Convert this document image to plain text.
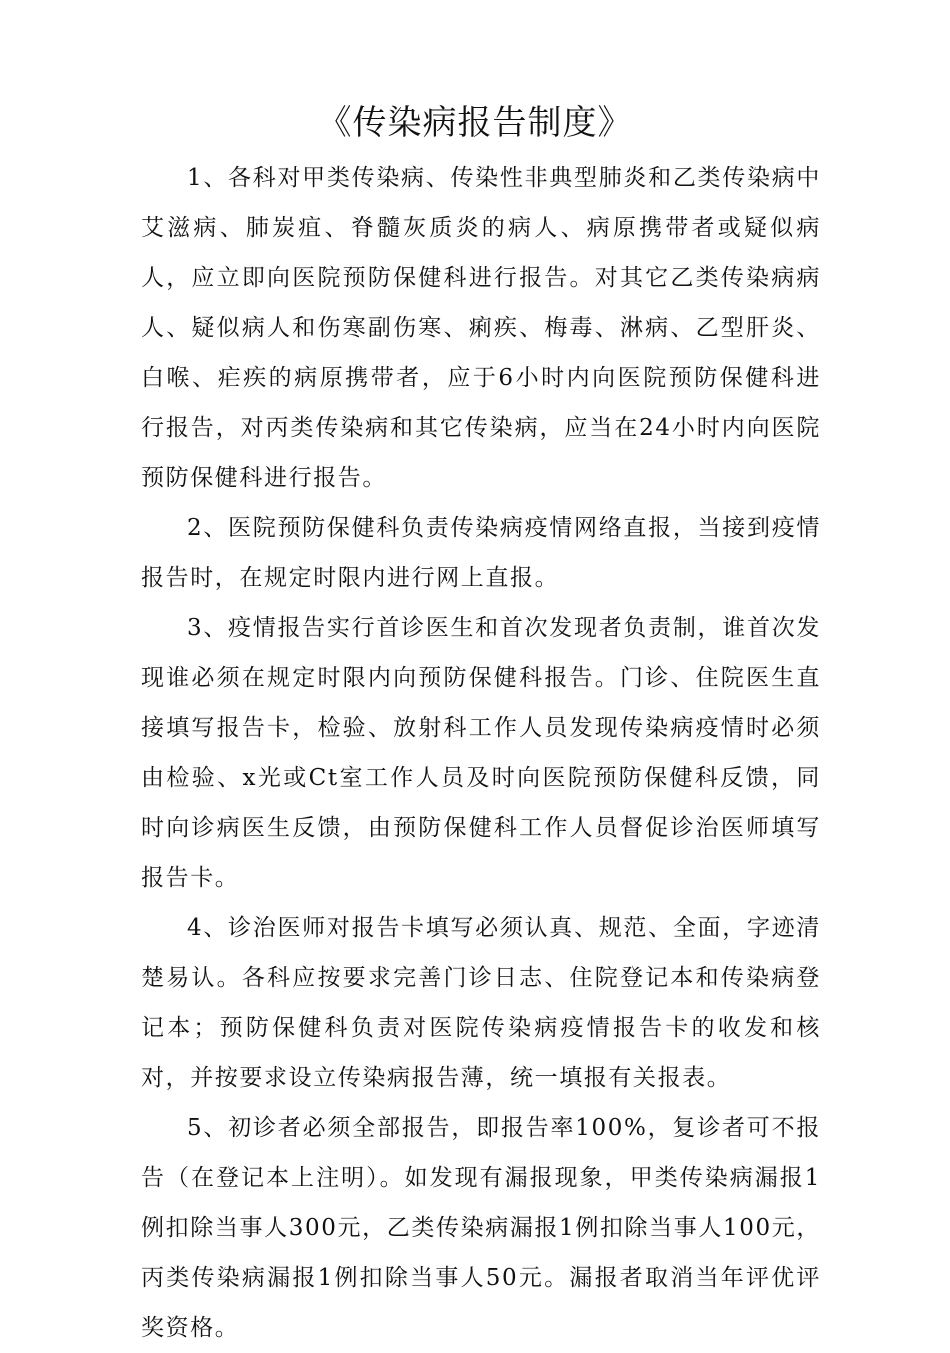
《传染病报告制度》

1、各科对甲类传染病、传染性非典型肺炎和乙类传染病中艾滋病、肺炭疽、脊髓灰质炎的病人、病原携带者或疑似病人，应立即向医院预防保健科进行报告。对其它乙类传染病病人、疑似病人和伤寒副伤寒、痢疾、梅毒、淋病、乙型肝炎、白喉、疟疾的病原携带者，应于6小时内向医院预防保健科进行报告，对丙类传染病和其它传染病，应当在24小时内向医院预防保健科进行报告。

2、医院预防保健科负责传染病疫情网络直报，当接到疫情报告时，在规定时限内进行网上直报。

3、疫情报告实行首诊医生和首次发现者负责制，谁首次发现谁必须在规定时限内向预防保健科报告。门诊、住院医生直接填写报告卡，检验、放射科工作人员发现传染病疫情时必须由检验、x光或Ct室工作人员及时向医院预防保健科反馈，同时向诊病医生反馈，由预防保健科工作人员督促诊治医师填写报告卡。

4、诊治医师对报告卡填写必须认真、规范、全面，字迹清楚易认。各科应按要求完善门诊日志、住院登记本和传染病登记本；预防保健科负责对医院传染病疫情报告卡的收发和核对，并按要求设立传染病报告薄，统一填报有关报表。

5、初诊者必须全部报告，即报告率100%，复诊者可不报告（在登记本上注明）。如发现有漏报现象，甲类传染病漏报1例扣除当事人300元，乙类传染病漏报1例扣除当事人100元，丙类传染病漏报1例扣除当事人50元。漏报者取消当年评优评奖资格。
